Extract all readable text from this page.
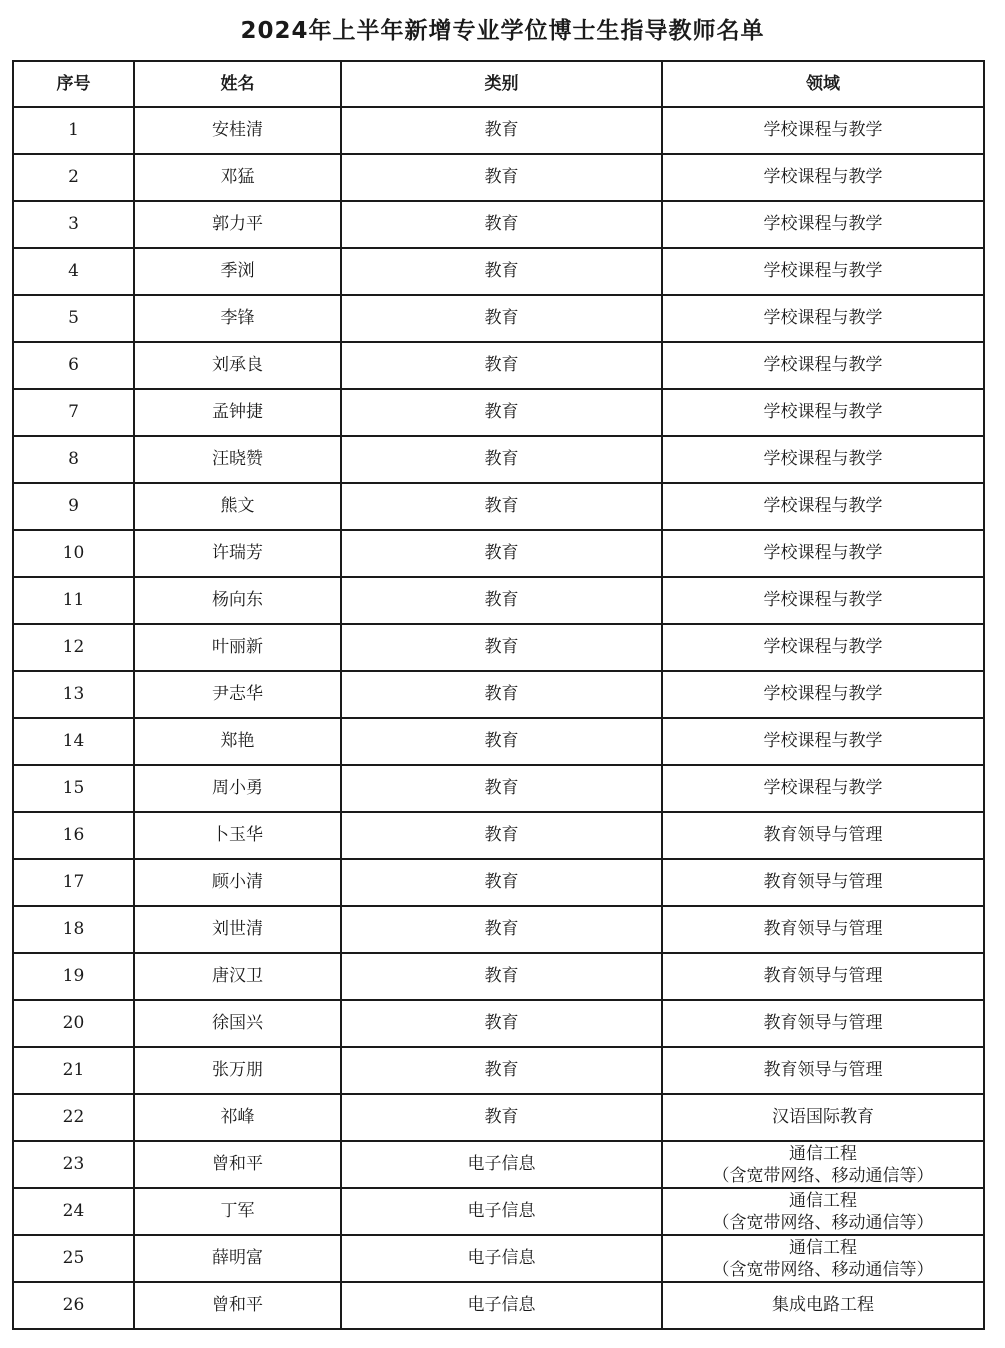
2024年上半年新增专业学位博士生指导教师名单
序号	姓名	类别	领域
1	安桂清	教育	学校课程与教学
2	邓猛	教育	学校课程与教学
3	郭力平	教育	学校课程与教学
4	季浏	教育	学校课程与教学
5	李锋	教育	学校课程与教学
6	刘承良	教育	学校课程与教学
7	孟钟捷	教育	学校课程与教学
8	汪晓赞	教育	学校课程与教学
9	熊文	教育	学校课程与教学
10	许瑞芳	教育	学校课程与教学
11	杨向东	教育	学校课程与教学
12	叶丽新	教育	学校课程与教学
13	尹志华	教育	学校课程与教学
14	郑艳	教育	学校课程与教学
15	周小勇	教育	学校课程与教学
16	卜玉华	教育	教育领导与管理
17	顾小清	教育	教育领导与管理
18	刘世清	教育	教育领导与管理
19	唐汉卫	教育	教育领导与管理
20	徐国兴	教育	教育领导与管理
21	张万朋	教育	教育领导与管理
22	祁峰	教育	汉语国际教育
23	曾和平	电子信息	通信工程
（含宽带网络、移动通信等）

24	丁军	电子信息	通信工程
（含宽带网络、移动通信等）

25	薛明富	电子信息	通信工程
（含宽带网络、移动通信等）

26	曾和平	电子信息	集成电路工程
